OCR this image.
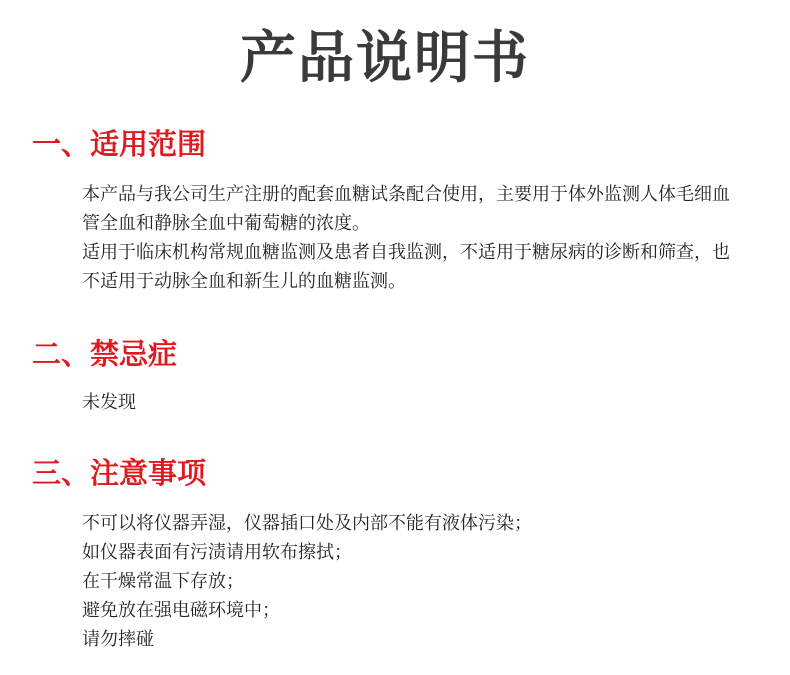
产品说明书
一、适用范围

本产品与我公司生产注册的配套血糖试条配合使用，主要用于体外监测人体毛细血管全血和静脉全血中葡萄糖的浓度。

适用于临床机构常规血糖监测及患者自我监测，不适用于糖尿病的诊断和筛查，也不适用于动脉全血和新生儿的血糖监测。

二、禁忌症

未发现

三、注意事项

不可以将仪器弄湿，仪器插口处及内部不能有液体污染；

如仪器表面有污渍请用软布擦拭；

在干燥常温下存放；

避免放在强电磁环境中；

请勿摔碰
